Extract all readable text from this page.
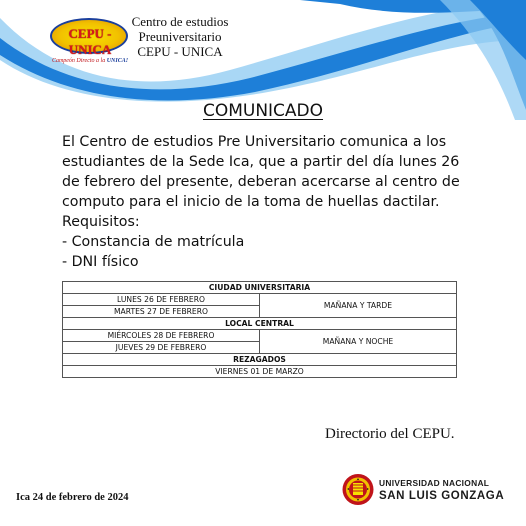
CEPU - UNICA
Campeón Directo a la UNICA!
Centro de estudios
Preuniversitario
CEPU - UNICA
COMUNICADO

El Centro de estudios Pre Universitario comunica a los estudiantes de la Sede Ica, que a partir del día lunes 26 de febrero del presente, deberan acercarse al centro de computo para el inicio de la toma de huellas dactilar.

Requisitos:

- Constancia de matrícula

- DNI físico

CIUDAD UNIVERSITARIA	
LUNES 26 DE FEBRERO	MAÑANA Y TARDE
MARTES 27 DE FEBRERO	
LOCAL CENTRAL	
MIÉRCOLES 28 DE FEBRERO	MAÑANA Y NOCHE
JUEVES 29 DE FEBRERO	
REZAGADOS	
VIERNES 01 DE MARZO	
Directorio del CEPU.
Ica 24 de febrero de 2024
UNIVERSIDAD NACIONAL
SAN LUIS GONZAGA
